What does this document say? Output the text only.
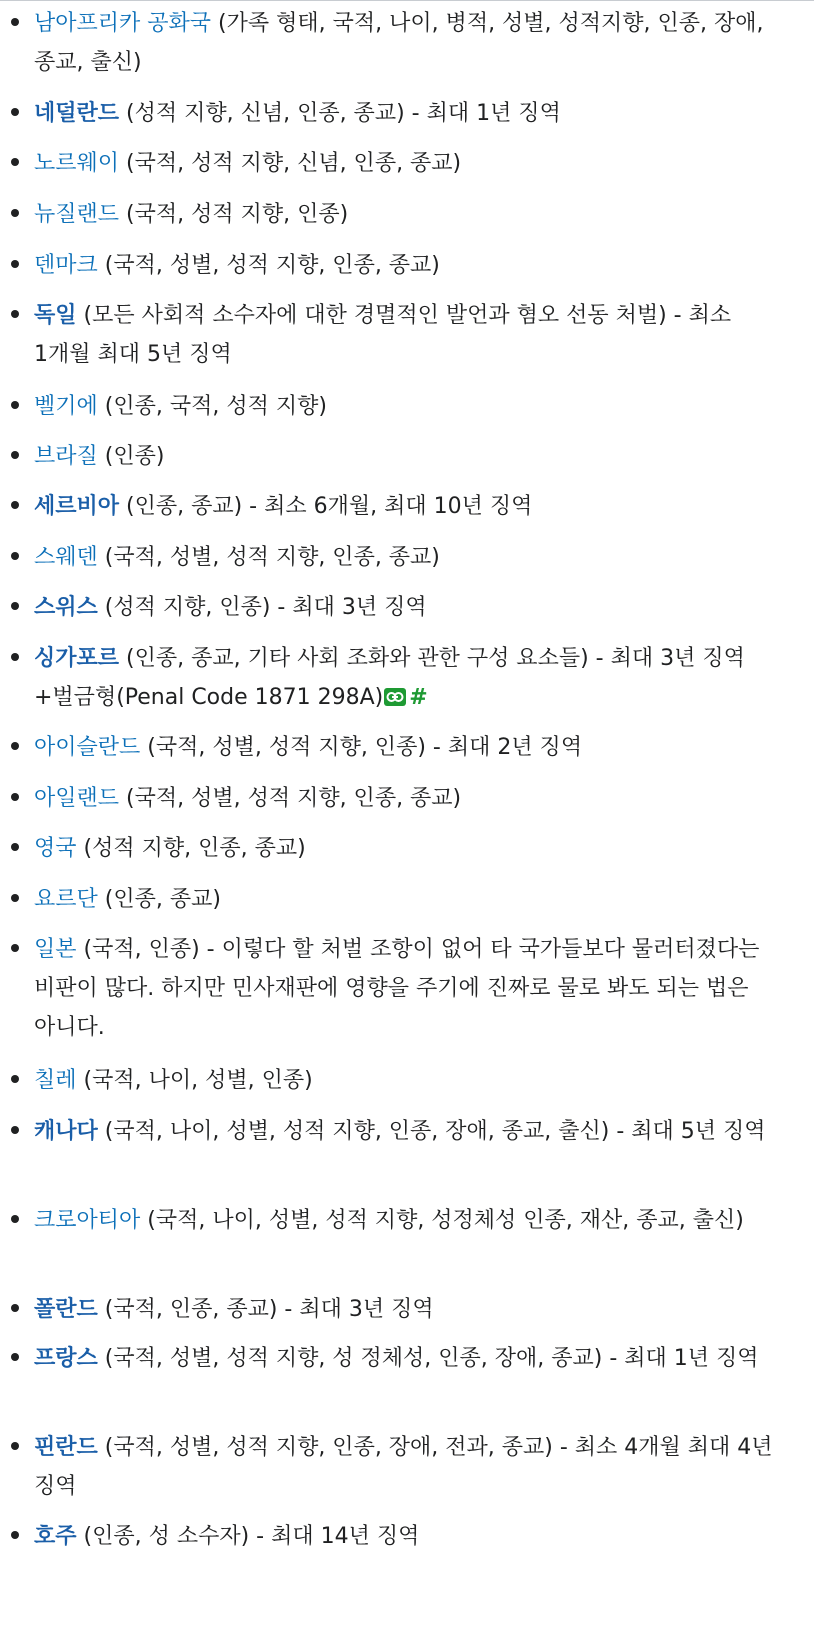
남아프리카 공화국 (가족 형태, 국적, 나이, 병적, 성별, 성적지향, 인종, 장애, 종교, 출신)
네덜란드 (성적 지향, 신념, 인종, 종교) - 최대 1년 징역
노르웨이 (국적, 성적 지향, 신념, 인종, 종교)
뉴질랜드 (국적, 성적 지향, 인종)
덴마크 (국적, 성별, 성적 지향, 인종, 종교)
독일 (모든 사회적 소수자에 대한 경멸적인 발언과 혐오 선동 처벌) - 최소 1개월 최대 5년 징역
벨기에 (인종, 국적, 성적 지향)
브라질 (인종)
세르비아 (인종, 종교) - 최소 6개월, 최대 10년 징역
스웨덴 (국적, 성별, 성적 지향, 인종, 종교)
스위스 (성적 지향, 인종) - 최대 3년 징역
싱가포르 (인종, 종교, 기타 사회 조화와 관한 구성 요소들) - 최대 3년 징역+벌금형(Penal Code 1871 298A) #
아이슬란드 (국적, 성별, 성적 지향, 인종) - 최대 2년 징역
아일랜드 (국적, 성별, 성적 지향, 인종, 종교)
영국 (성적 지향, 인종, 종교)
요르단 (인종, 종교)
일본 (국적, 인종) - 이렇다 할 처벌 조항이 없어 타 국가들보다 물러터졌다는 비판이 많다. 하지만 민사재판에 영향을 주기에 진짜로 물로 봐도 되는 법은 아니다.
칠레 (국적, 나이, 성별, 인종)
캐나다 (국적, 나이, 성별, 성적 지향, 인종, 장애, 종교, 출신) - 최대 5년 징역
크로아티아 (국적, 나이, 성별, 성적 지향, 성정체성 인종, 재산, 종교, 출신)
폴란드 (국적, 인종, 종교) - 최대 3년 징역
프랑스 (국적, 성별, 성적 지향, 성 정체성, 인종, 장애, 종교) - 최대 1년 징역
핀란드 (국적, 성별, 성적 지향, 인종, 장애, 전과, 종교) - 최소 4개월 최대 4년 징역
호주 (인종, 성 소수자) - 최대 14년 징역
